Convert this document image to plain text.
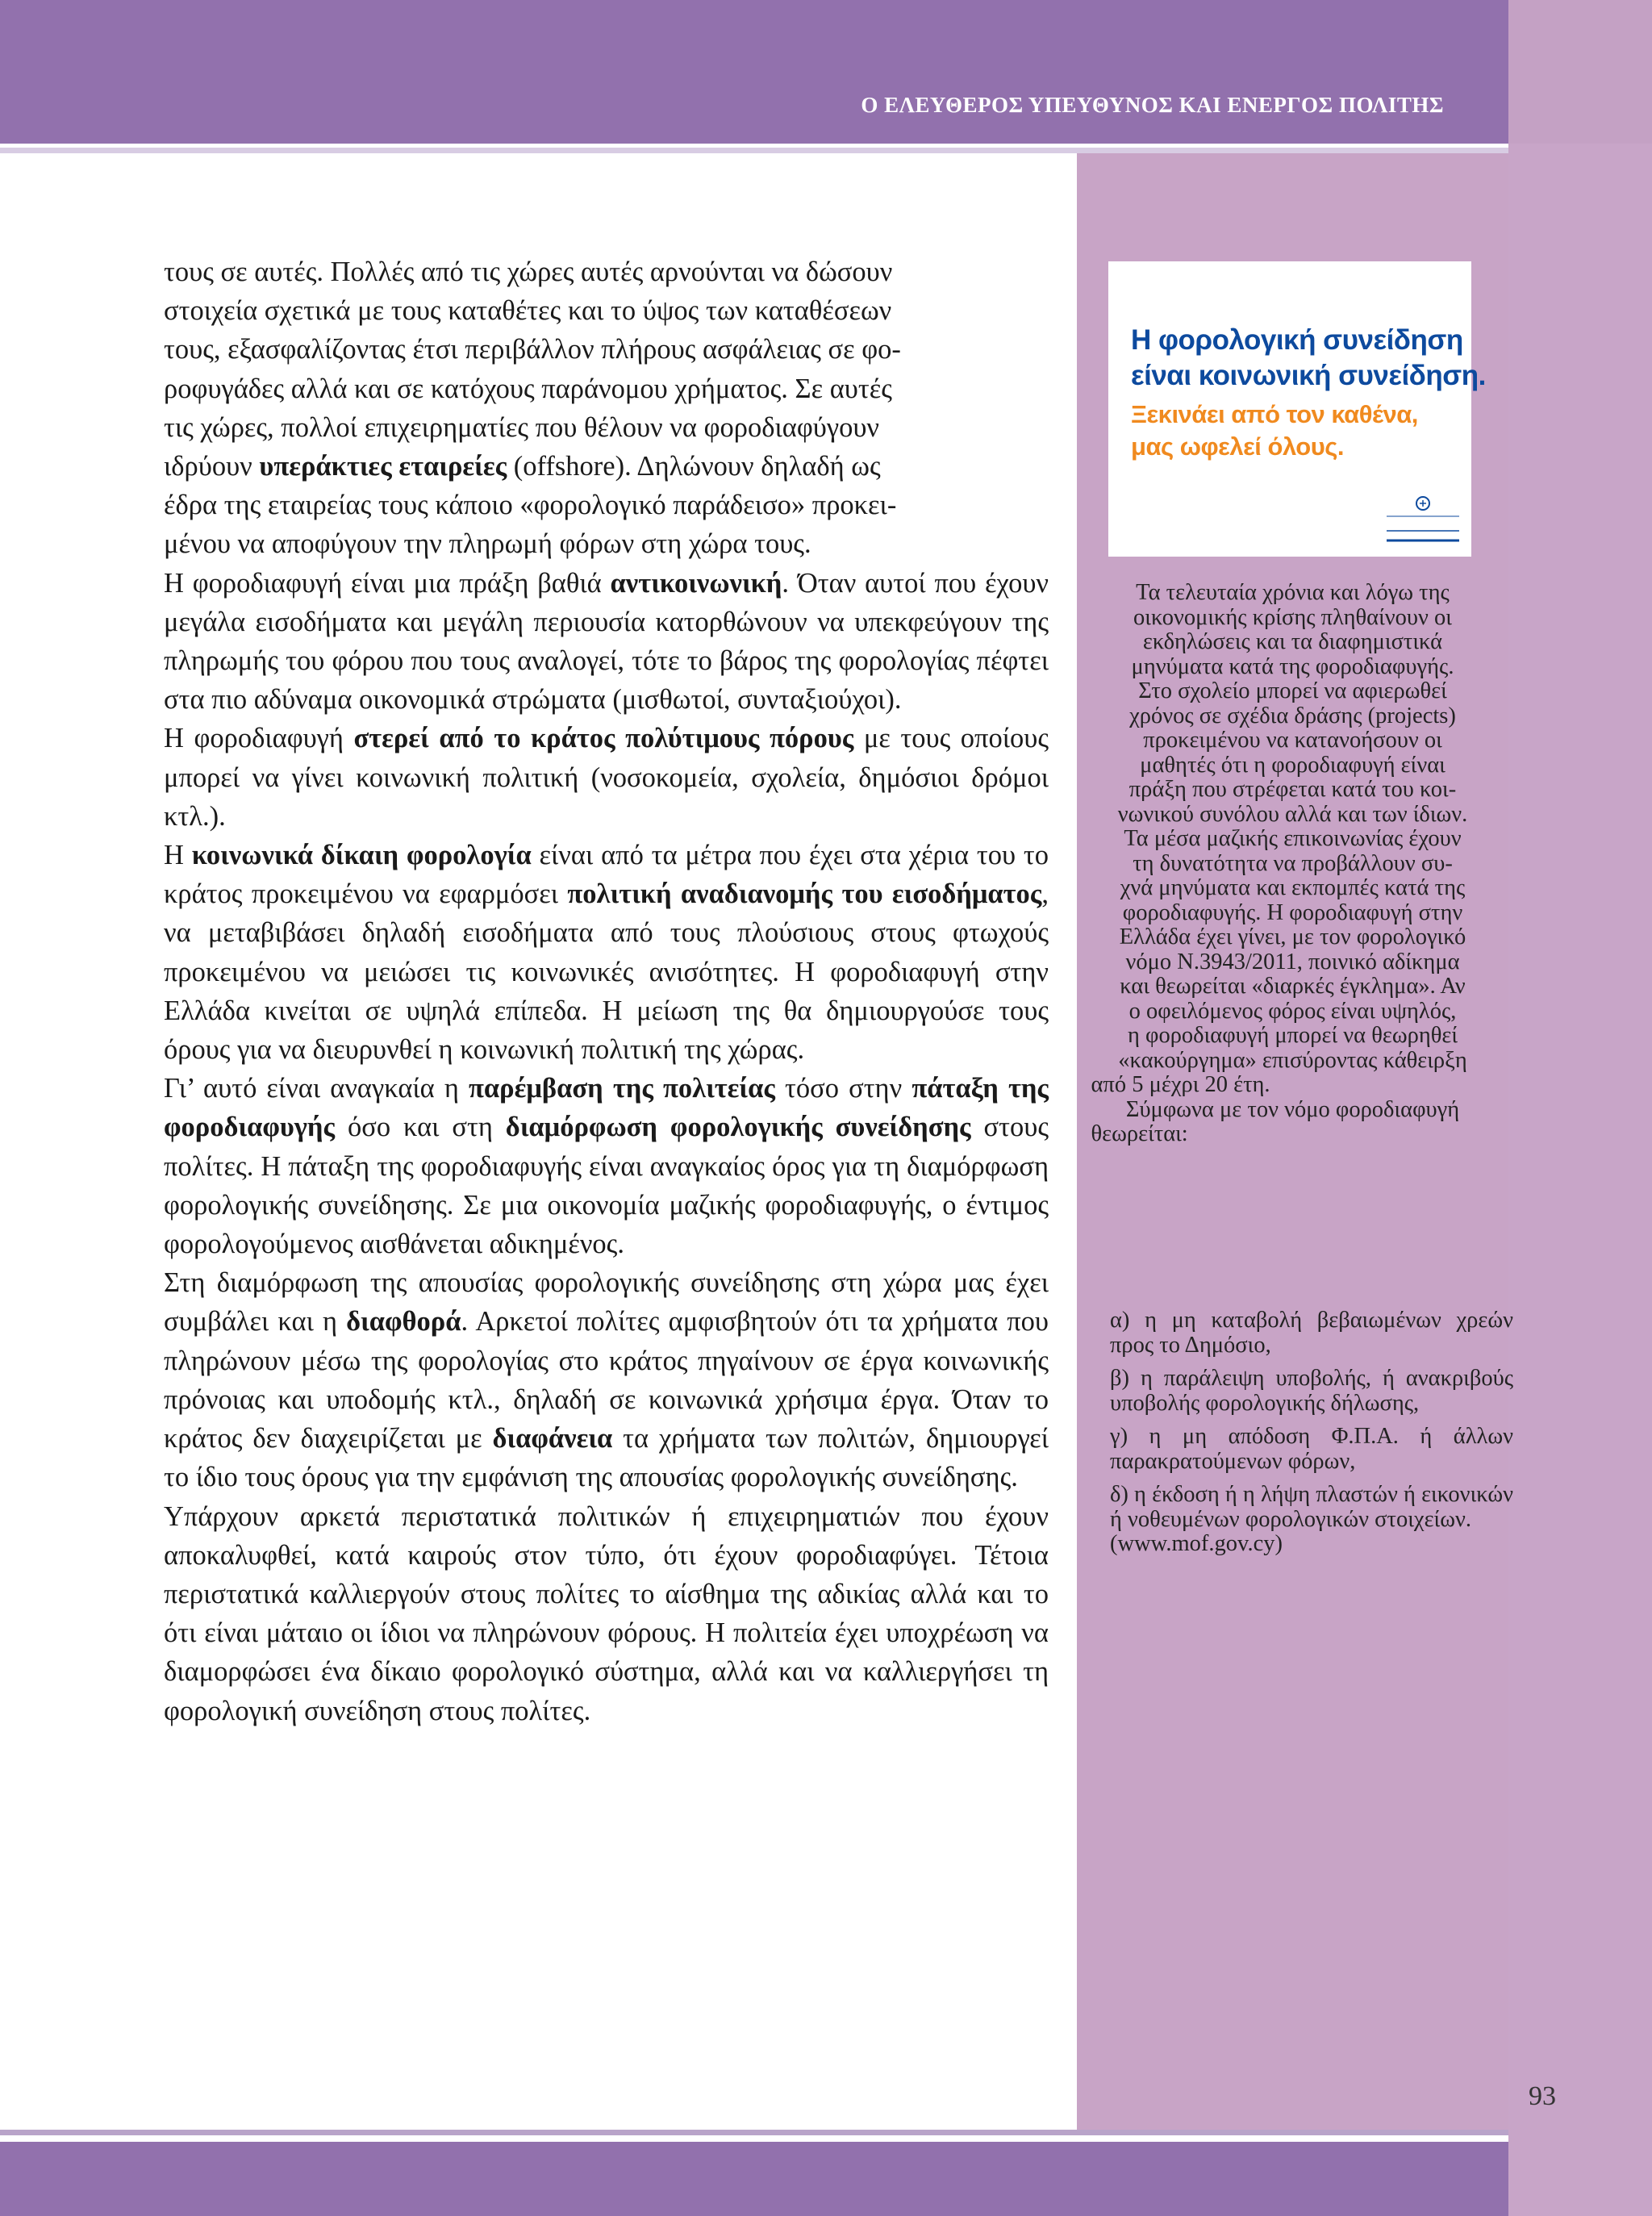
Ο ΕΛΕΥΘΕΡΟΣ ΥΠΕΥΘΥΝΟΣ ΚΑΙ ΕΝΕΡΓΟΣ ΠΟΛΙΤΗΣ
93

τους σε αυτές. Πολλές από τις χώρες αυτές αρνούνται να δώσουν
στοιχεία σχετικά με τους καταθέτες και το ύψος των καταθέσεων
τους, εξασφαλίζοντας έτσι περιβάλλον πλήρους ασφάλειας σε φο-
ροφυγάδες αλλά και σε κατόχους παράνομου χρήματος. Σε αυτές
τις χώρες, πολλοί επιχειρηματίες που θέλουν να φοροδιαφύγουν
ιδρύουν υπεράκτιες εταιρείες (offshore). Δηλώνουν δηλαδή ως
έδρα της εταιρείας τους κάποιο «φορολογικό παράδεισο» προκει-
μένου να αποφύγουν την πληρωμή φόρων στη χώρα τους.

Η φοροδιαφυγή είναι μια πράξη βαθιά αντικοινωνική. Όταν αυτοί που έχουν μεγάλα εισοδήματα και μεγάλη περιουσία κατορθώνουν να υπεκφεύγουν της πληρωμής του φόρου που τους αναλογεί, τότε το βάρος της φορολογίας πέφτει στα πιο αδύναμα οικονομικά στρώματα (μισθωτοί, συνταξιούχοι).

Η φοροδιαφυγή στερεί από το κράτος πολύτιμους πόρους με τους οποίους μπορεί να γίνει κοινωνική πολιτική (νοσοκομεία, σχολεία, δημόσιοι δρόμοι κτλ.).

Η κοινωνικά δίκαιη φορολογία είναι από τα μέτρα που έχει στα χέρια του το κράτος προκειμένου να εφαρμόσει πολιτική αναδιανομής του εισοδήματος, να μεταβιβάσει δηλαδή εισοδήματα από τους πλούσιους στους φτωχούς προκειμένου να μειώσει τις κοινωνικές ανισότητες. Η φοροδιαφυγή στην Ελλάδα κινείται σε υψηλά επίπεδα. Η μείωση της θα δημιουργούσε τους όρους για να διευρυνθεί η κοινωνική πολιτική της χώρας.

Γι’ αυτό είναι αναγκαία η παρέμβαση της πολιτείας τόσο στην πάταξη της φοροδιαφυγής όσο και στη διαμόρφωση φορολογικής συνείδησης στους πολίτες. Η πάταξη της φοροδιαφυγής είναι αναγκαίος όρος για τη διαμόρφωση φορολογικής συνείδησης. Σε μια οικονομία μαζικής φοροδιαφυγής, ο έντιμος φορολογούμενος αισθάνεται αδικημένος.

Στη διαμόρφωση της απουσίας φορολογικής συνείδησης στη χώρα μας έχει συμβάλει και η διαφθορά. Αρκετοί πολίτες αμφισβητούν ότι τα χρήματα που πληρώνουν μέσω της φορολογίας στο κράτος πηγαίνουν σε έργα κοινωνικής πρόνοιας και υποδομής κτλ., δηλαδή σε κοινωνικά χρήσιμα έργα. Όταν το κράτος δεν διαχειρίζεται με διαφάνεια τα χρήματα των πολιτών, δημιουργεί το ίδιο τους όρους για την εμφάνιση της απουσίας φορολογικής συνείδησης.

Υπάρχουν αρκετά περιστατικά πολιτικών ή επιχειρηματιών που έχουν αποκαλυφθεί, κατά καιρούς στον τύπο, ότι έχουν φοροδιαφύγει. Τέτοια περιστατικά καλλιεργούν στους πολίτες το αίσθημα της αδικίας αλλά και το ότι είναι μάταιο οι ίδιοι να πληρώνουν φόρους. Η πολιτεία έχει υποχρέωση να διαμορφώσει ένα δίκαιο φορολογικό σύστημα, αλλά και να καλλιεργήσει τη φορολογική συνείδηση στους πολίτες.

Η φορολογική συνείδηση
είναι κοινωνική συνείδηση.
Ξεκινάει από τον καθένα,
μας ωφελεί όλους.

Τα τελευταία χρόνια και λόγω της
οικονομικής κρίσης πληθαίνουν οι
εκδηλώσεις και τα διαφημιστικά
μηνύματα κατά της φοροδιαφυγής.
Στο σχολείο μπορεί να αφιερωθεί
χρόνος σε σχέδια δράσης (projects)
προκειμένου να κατανοήσουν οι
μαθητές ότι η φοροδιαφυγή είναι
πράξη που στρέφεται κατά του κοι-
νωνικού συνόλου αλλά και των ίδιων.
Τα μέσα μαζικής επικοινωνίας έχουν
τη δυνατότητα να προβάλλουν συ-
χνά μηνύματα και εκπομπές κατά της
φοροδιαφυγής. Η φοροδιαφυγή στην
Ελλάδα έχει γίνει, με τον φορολογικό
νόμο Ν.3943/2011, ποινικό αδίκημα
και θεωρείται «διαρκές έγκλημα». Αν
ο οφειλόμενος φόρος είναι υψηλός,
η φοροδιαφυγή μπορεί να θεωρηθεί
«κακούργημα» επισύροντας κάθειρξη
από 5 μέχρι 20 έτη.
Σύμφωνα με τον νόμο φοροδιαφυγή
θεωρείται:

α) η μη καταβολή βεβαιωμένων χρεών προς το Δημόσιο,

β) η παράλειψη υποβολής, ή ανακριβούς υποβολής φορολογικής δήλωσης,

γ) η μη απόδοση Φ.Π.Α. ή άλλων παρακρατούμενων φόρων,

δ) η έκδοση ή η λήψη πλαστών ή εικονικών ή νοθευμένων φορολογικών στοιχείων.

(www.mof.gov.cy)
